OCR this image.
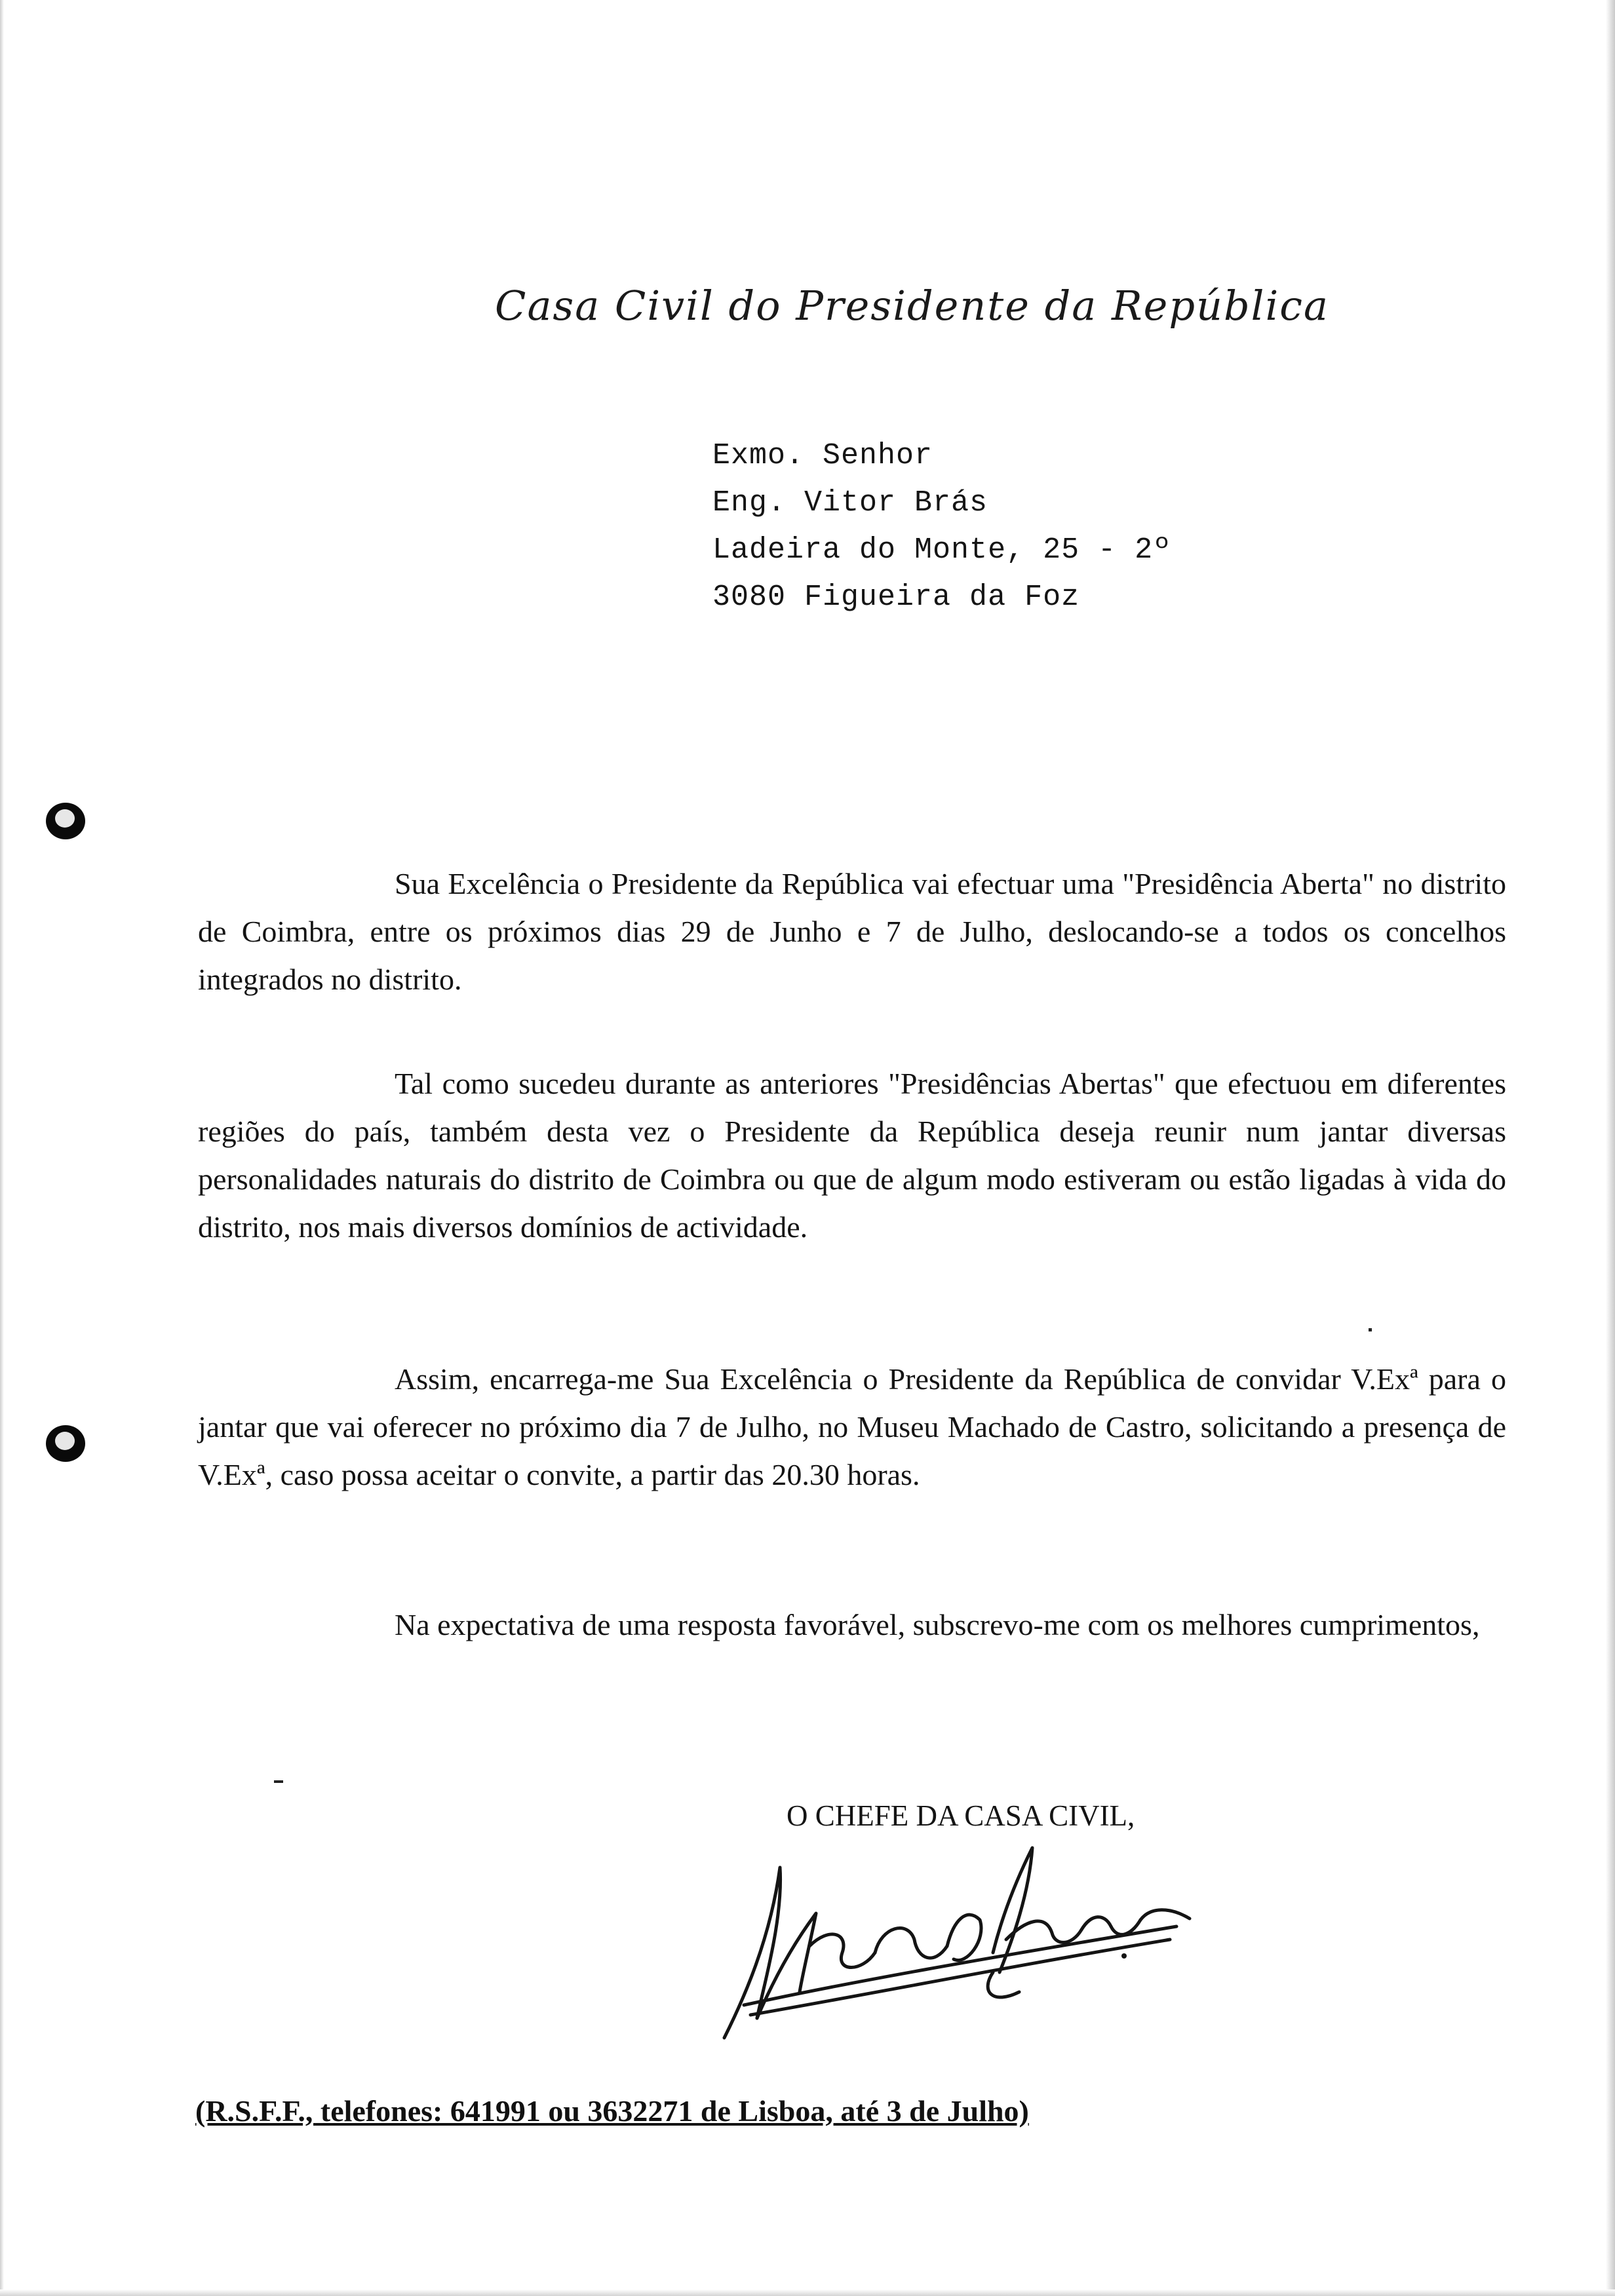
Casa Civil do Presidente da República
Exmo. Senhor
Eng. Vitor Brás
Ladeira do Monte, 25 - 2º
3080 Figueira da Foz

Sua Excelência o Presidente da República vai efectuar uma "Presidência Aberta" no distrito de Coimbra, entre os próximos dias 29 de Junho e 7 de Julho, deslocando-se a todos os concelhos integrados no distrito.

Tal como sucedeu durante as anteriores "Presidências Abertas" que efectuou em diferentes regiões do país, também desta vez o Presidente da República deseja reunir num jantar diversas personalidades naturais do distrito de Coimbra ou que de algum modo estiveram ou estão ligadas à vida do distrito, nos mais diversos domínios de actividade.

Assim, encarrega-me Sua Excelência o Presidente da República de convidar V.Exª para o jantar que vai oferecer no próximo dia 7 de Julho, no Museu Machado de Castro, solicitando a presença de V.Exª, caso possa aceitar o convite, a partir das 20.30 horas.

Na expectativa de uma resposta favorável, subscrevo-me com os melhores cumprimentos,

O CHEFE DA CASA CIVIL,
(R.S.F.F., telefones: 641991 ou 3632271 de Lisboa, até 3 de Julho)
